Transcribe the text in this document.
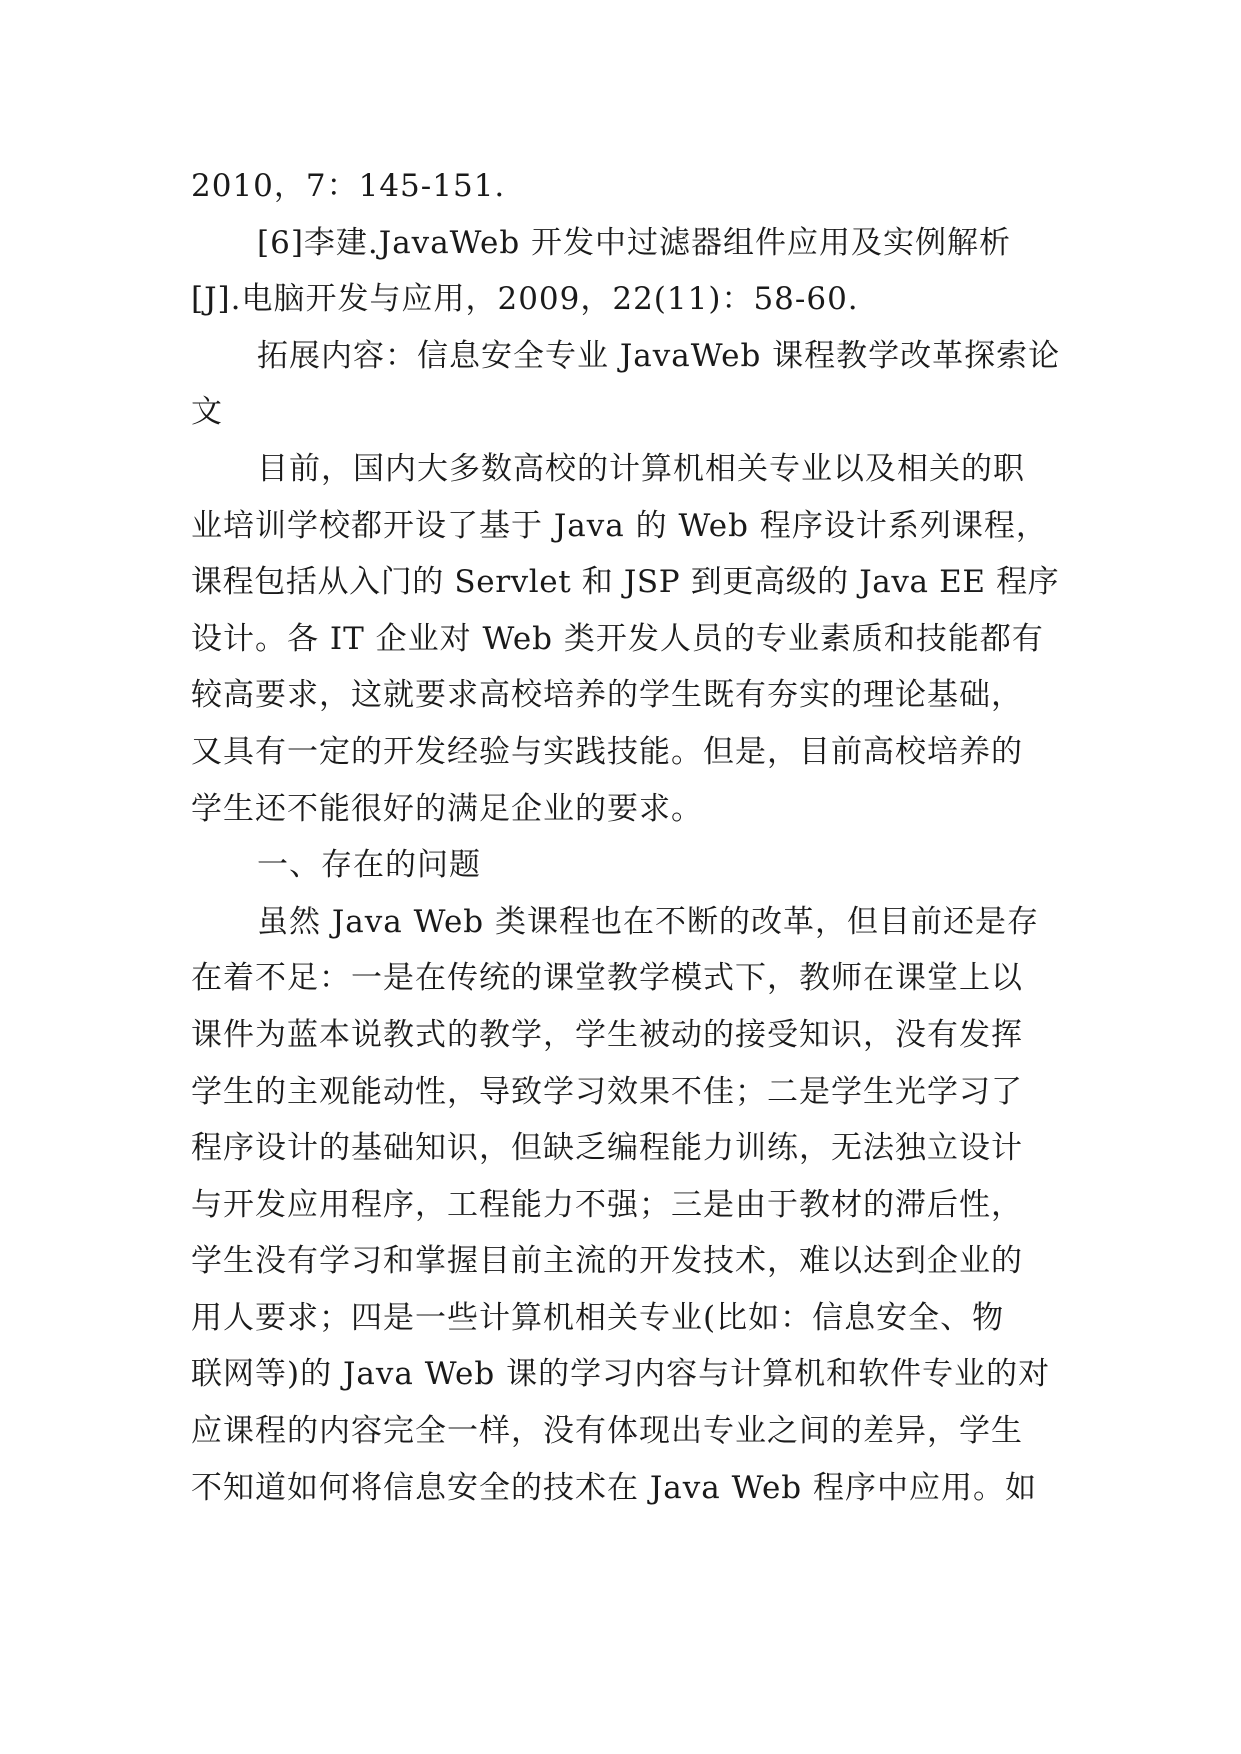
2010，7：145-151.
[6]李建.JavaWeb 开发中过滤器组件应用及实例解析
[J].电脑开发与应用，2009，22(11)：58-60.
拓展内容：信息安全专业 JavaWeb 课程教学改革探索论
文
目前，国内大多数高校的计算机相关专业以及相关的职
业培训学校都开设了基于 Java 的 Web 程序设计系列课程，
课程包括从入门的 Servlet 和 JSP 到更高级的 Java EE 程序
设计。各 IT 企业对 Web 类开发人员的专业素质和技能都有
较高要求，这就要求高校培养的学生既有夯实的理论基础，
又具有一定的开发经验与实践技能。但是，目前高校培养的
学生还不能很好的满足企业的要求。
一、存在的问题
虽然 Java Web 类课程也在不断的改革，但目前还是存
在着不足：一是在传统的课堂教学模式下，教师在课堂上以
课件为蓝本说教式的教学，学生被动的接受知识，没有发挥
学生的主观能动性，导致学习效果不佳；二是学生光学习了
程序设计的基础知识，但缺乏编程能力训练，无法独立设计
与开发应用程序，工程能力不强；三是由于教材的滞后性，
学生没有学习和掌握目前主流的开发技术，难以达到企业的
用人要求；四是一些计算机相关专业(比如：信息安全、物
联网等)的 Java Web 课的学习内容与计算机和软件专业的对
应课程的内容完全一样，没有体现出专业之间的差异，学生
不知道如何将信息安全的技术在 Java Web 程序中应用。如
